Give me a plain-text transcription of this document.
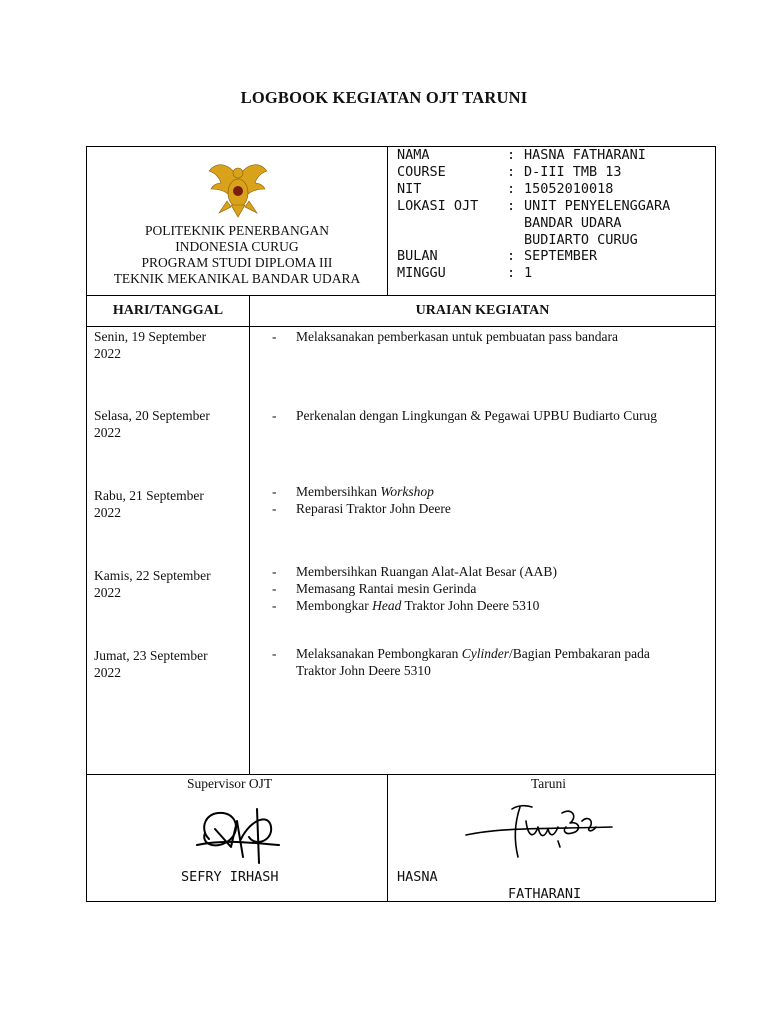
LOGBOOK KEGIATAN OJT TARUNI
POLITEKNIK PENERBANGAN
INDONESIA CURUG
PROGRAM STUDI DIPLOMA III
TEKNIK MEKANIKAL BANDAR UDARA
NAMA	: HASNA FATHARANI
COURSE	: D-III TMB 13
NIT	: 15052010018
LOKASI OJT : UNIT PENYELENGGARA
BANDAR UDARA
BUDIARTO CURUG
BULAN	: SEPTEMBER
MINGGU	: 1
HARI/TANGGAL	URAIAN KEGIATAN
Senin, 19 September
2022
- Melaksanakan pemberkasan untuk pembuatan pass bandara
Selasa, 20 September
2022
- Perkenalan dengan Lingkungan & Pegawai UPBU Budiarto Curug
Rabu, 21 September
2022
- Membersihkan Workshop
- Reparasi Traktor John Deere
Kamis, 22 September
2022
- Membersihkan Ruangan Alat-Alat Besar (AAB)
- Memasang Rantai mesin Gerinda
- Membongkar Head Traktor John Deere 5310
Jumat, 23 September
2022
- Melaksanakan Pembongkaran Cylinder/Bagian Pembakaran pada
Traktor John Deere 5310
Supervisor OJT
SEFRY IRHASH
Taruni
HASNA
FATHARANI
